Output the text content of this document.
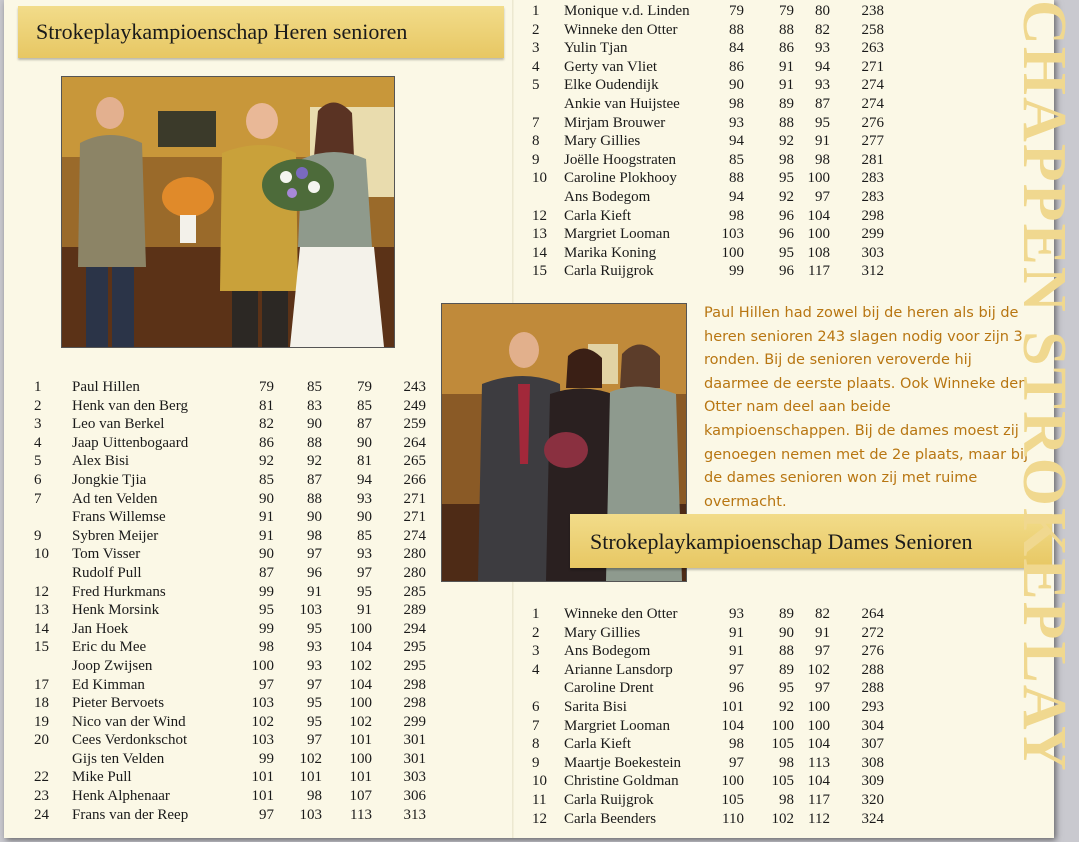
Strokeplaykampioenschap Heren senioren
1 Paul Hillen	79	85	79	243
2 Henk van den Berg	81	83	85	249
3 Leo van Berkel	82	90	87	259
4 Jaap Uittenbogaard	86	88	90	264
5 Alex Bisi	92	92	81	265
6 Jongkie Tjia	85	87	94	266
7 Ad ten Velden	90	88	93	271
Frans Willemse	91	90	90	271
9 Sybren Meijer	91	98	85	274
10 Tom Visser	90	97	93	280
Rudolf Pull	87	96	97	280
12 Fred Hurkmans	99	91	95	285
13 Henk Morsink	95	103	91	289
14 Jan Hoek	99	95	100	294
15 Eric du Mee	98	93	104	295
Joop Zwijsen	100	93	102	295
17 Ed Kimman	97	97	104	298
18 Pieter Bervoets	103	95	100	298
19 Nico van der Wind	102	95	102	299
20 Cees Verdonkschot	103	97	101	301
Gijs ten Velden	99	102	100	301
22 Mike Pull	101	101	101	303
23 Henk Alphenaar	101	98	107	306
24 Frans van der Reep	97	103	113	313
1 Monique v.d. Linden	79	79	80	238
2 Winneke den Otter	88	88	82	258
3 Yulin Tjan	84	86	93	263
4 Gerty van Vliet	86	91	94	271
5 Elke Oudendijk	90	91	93	274
Ankie van Huijstee	98	89	87	274
7 Mirjam Brouwer	93	88	95	276
8 Mary Gillies	94	92	91	277
9 Joëlle Hoogstraten	85	98	98	281
10 Caroline Plokhooy	88	95 100	283
Ans Bodegom	94	92	97	283
12 Carla Kieft	98	96 104	298
13 Margriet Looman	103	96 100	299
14 Marika Koning	100	95 108	303
15 Carla Ruijgrok	99	96 117	312
Paul Hillen had zowel bij de heren als bij de heren senioren 243 slagen nodig voor zijn 3 ronden. Bij de senioren veroverde hij daarmee de eerste plaats. Ook Winneke den Otter nam deel aan beide kampioenschappen. Bij de dames moest zij genoegen nemen met de 2e plaats, maar bij de dames senioren won zij met ruime overmacht.
Strokeplaykampioenschap Dames Senioren
1 Winneke den Otter	93	89	82	264
2 Mary Gillies	91	90	91	272
3 Ans Bodegom	91	88	97	276
4 Arianne Lansdorp	97	89 102	288
Caroline Drent	96	95	97	288
6 Sarita Bisi	101	92 100	293
7 Margriet Looman	104	100 100	304
8 Carla Kieft	98	105 104	307
9 Maartje Boekestein	97	98 113	308
10 Christine Goldman	100	105 104	309
11 Carla Ruijgrok	105	98 117	320
12 Carla Beenders	110	102 112	324
CHAPPEN STROKEPLAY
